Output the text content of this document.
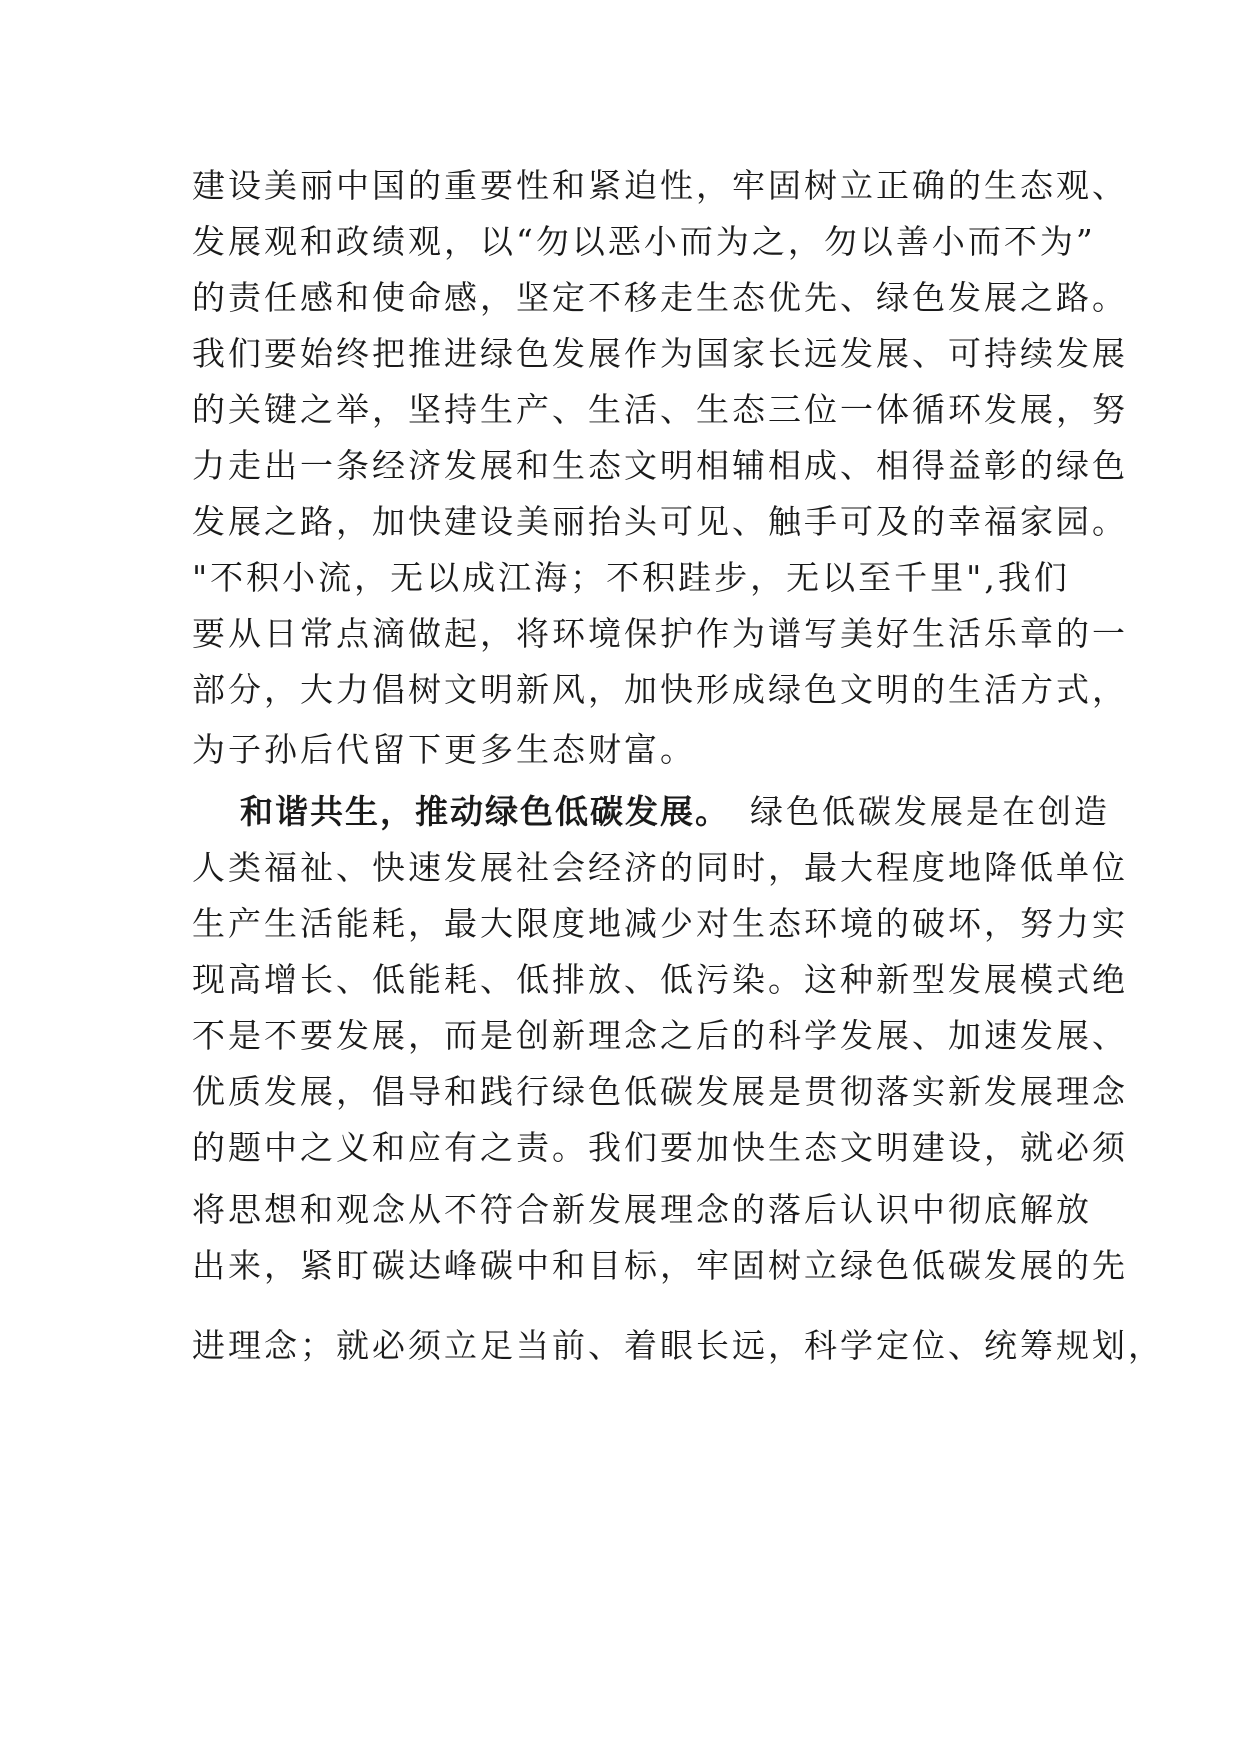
建设美丽中国的重要性和紧迫性，牢固树立正确的生态观、
发展观和政绩观，以“勿以恶小而为之，勿以善小而不为”
的责任感和使命感，坚定不移走生态优先、绿色发展之路。
我们要始终把推进绿色发展作为国家长远发展、可持续发展
的关键之举，坚持生产、生活、生态三位一体循环发展，努
力走出一条经济发展和生态文明相辅相成、相得益彰的绿色
发展之路，加快建设美丽抬头可见、触手可及的幸福家园。
"不积小流，无以成江海；不积跬步，无以至千里",我们
要从日常点滴做起，将环境保护作为谱写美好生活乐章的一
部分，大力倡树文明新风，加快形成绿色文明的生活方式，
为子孙后代留下更多生态财富。
和谐共生，推动绿色低碳发展。 绿色低碳发展是在创造
人类福祉、快速发展社会经济的同时，最大程度地降低单位
生产生活能耗，最大限度地减少对生态环境的破坏，努力实
现高增长、低能耗、低排放、低污染。这种新型发展模式绝
不是不要发展，而是创新理念之后的科学发展、加速发展、
优质发展，倡导和践行绿色低碳发展是贯彻落实新发展理念
的题中之义和应有之责。我们要加快生态文明建设，就必须
将思想和观念从不符合新发展理念的落后认识中彻底解放
出来，紧盯碳达峰碳中和目标，牢固树立绿色低碳发展的先
进理念；就必须立足当前、着眼长远，科学定位、统筹规划，
